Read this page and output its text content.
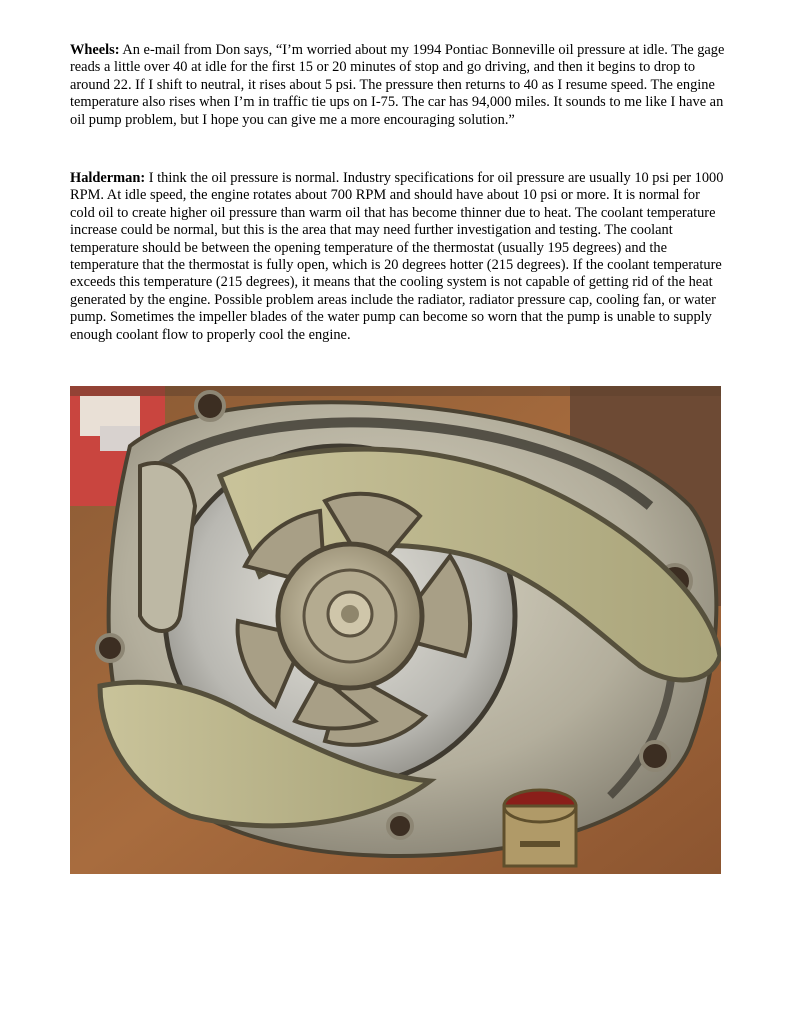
Wheels: An e-mail from Don says, “I’m worried about my 1994 Pontiac Bonneville oil pressure at idle. The gage reads a little over 40 at idle for the first 15 or 20 minutes of stop and go driving, and then it begins to drop to around 22. If I shift to neutral, it rises about 5 psi. The pressure then returns to 40 as I resume speed. The engine temperature also rises when I’m in traffic tie ups on I-75. The car has 94,000 miles. It sounds to me like I have an oil pump problem, but I hope you can give me a more encouraging solution.”

Halderman: I think the oil pressure is normal. Industry specifications for oil pressure are usually 10 psi per 1000 RPM. At idle speed, the engine rotates about 700 RPM and should have about 10 psi or more. It is normal for cold oil to create higher oil pressure than warm oil that has become thinner due to heat. The coolant temperature increase could be normal, but this is the area that may need further investigation and testing. The coolant temperature should be between the opening temperature of the thermostat (usually 195 degrees) and the temperature that the thermostat is fully open, which is 20 degrees hotter (215 degrees). If the coolant temperature exceeds this temperature (215 degrees), it means that the cooling system is not capable of getting rid of the heat generated by the engine. Possible problem areas include the radiator, radiator pressure cap, cooling fan, or water pump. Sometimes the impeller blades of the water pump can become so worn that the pump is unable to supply enough coolant flow to properly cool the engine.
